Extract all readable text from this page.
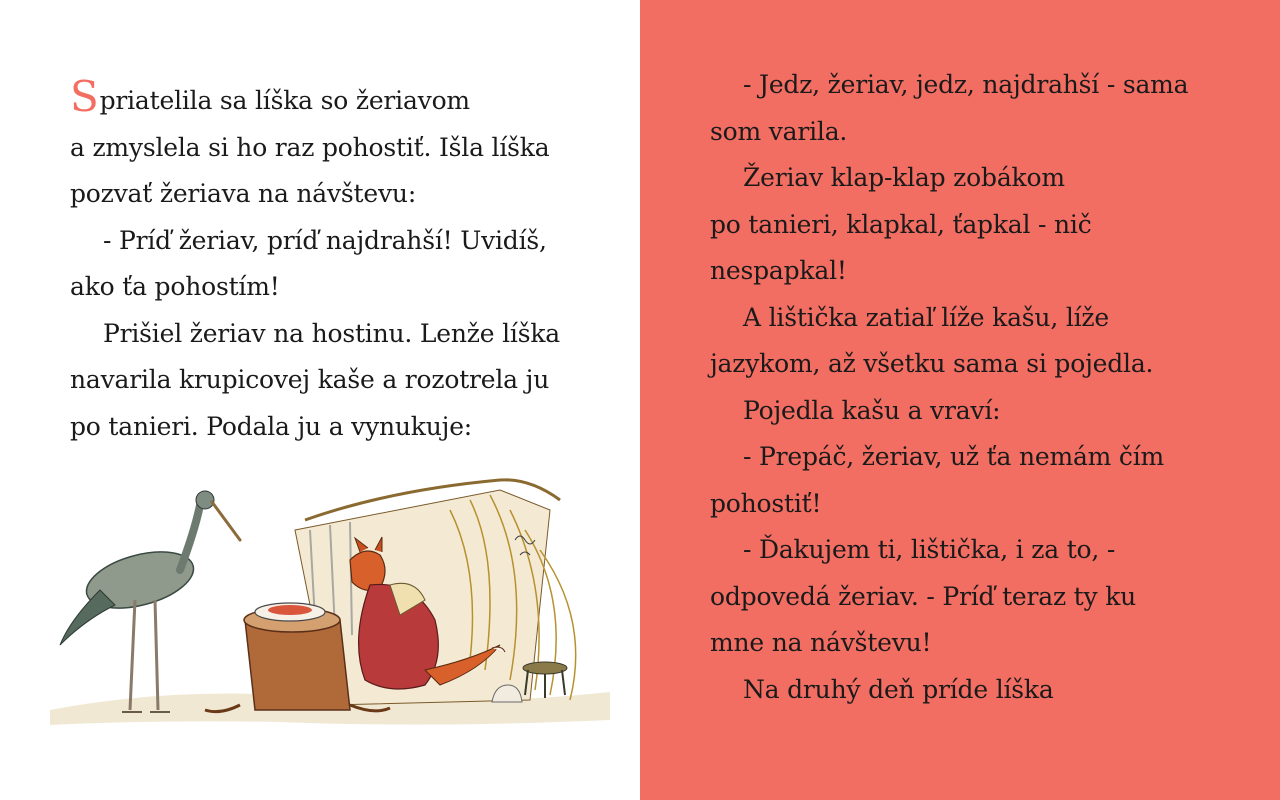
Spriatelila sa líška so žeriavom
a zmyslela si ho raz pohostiť. Išla líška
pozvať žeriava na návštevu:
- Príď žeriav, príď najdrahší! Uvidíš,
ako ťa pohostím!
Prišiel žeriav na hostinu. Lenže líška
navarila krupicovej kaše a rozotrela ju
po tanieri. Podala ju a vynukuje:
- Jedz, žeriav, jedz, najdrahší - sama
som varila.
Žeriav klap-klap zobákom
po tanieri, klapkal, ťapkal - nič
nespapkal!
A lištička zatiaľ líže kašu, líže
jazykom, až všetku sama si pojedla.
Pojedla kašu a vraví:
- Prepáč, žeriav, už ťa nemám čím
pohostiť!
- Ďakujem ti, lištička, i za to, -
odpovedá žeriav. - Príď teraz ty ku
mne na návštevu!
Na druhý deň príde líška
